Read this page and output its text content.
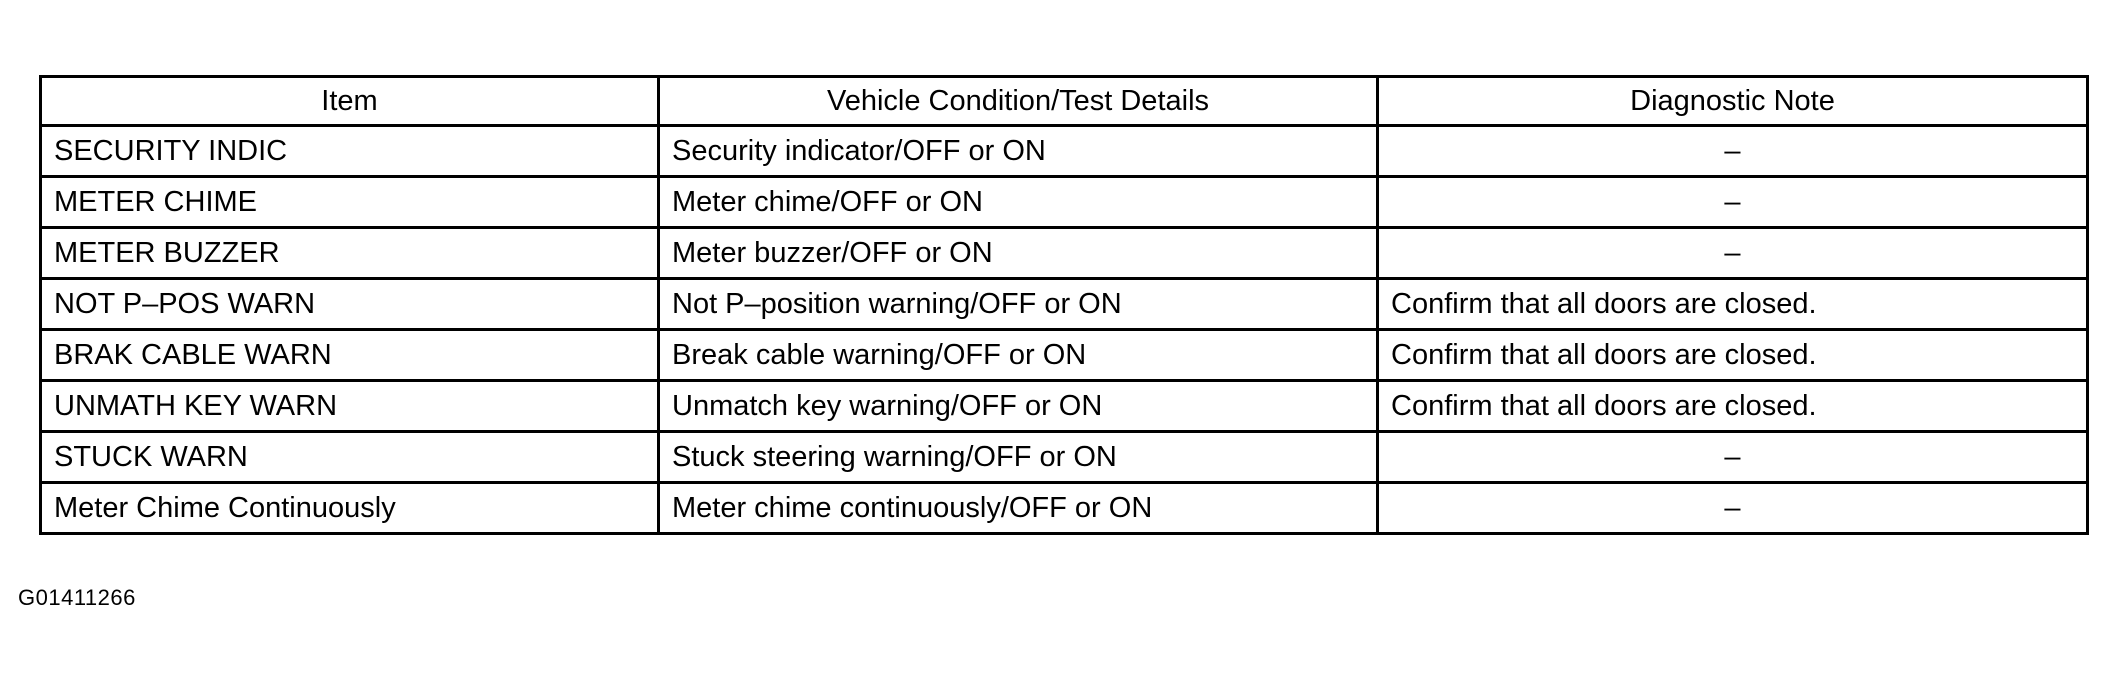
Item	Vehicle Condition/Test Details	Diagnostic Note
SECURITY INDIC	Security indicator/OFF or ON	–
METER CHIME	Meter chime/OFF or ON	–
METER BUZZER	Meter buzzer/OFF or ON	–
NOT P–POS WARN	Not P–position warning/OFF or ON	Confirm that all doors are closed.
BRAK CABLE WARN	Break cable warning/OFF or ON	Confirm that all doors are closed.
UNMATH KEY WARN	Unmatch key warning/OFF or ON	Confirm that all doors are closed.
STUCK WARN	Stuck steering warning/OFF or ON	–
Meter Chime Continuously	Meter chime continuously/OFF or ON	–
G01411266
